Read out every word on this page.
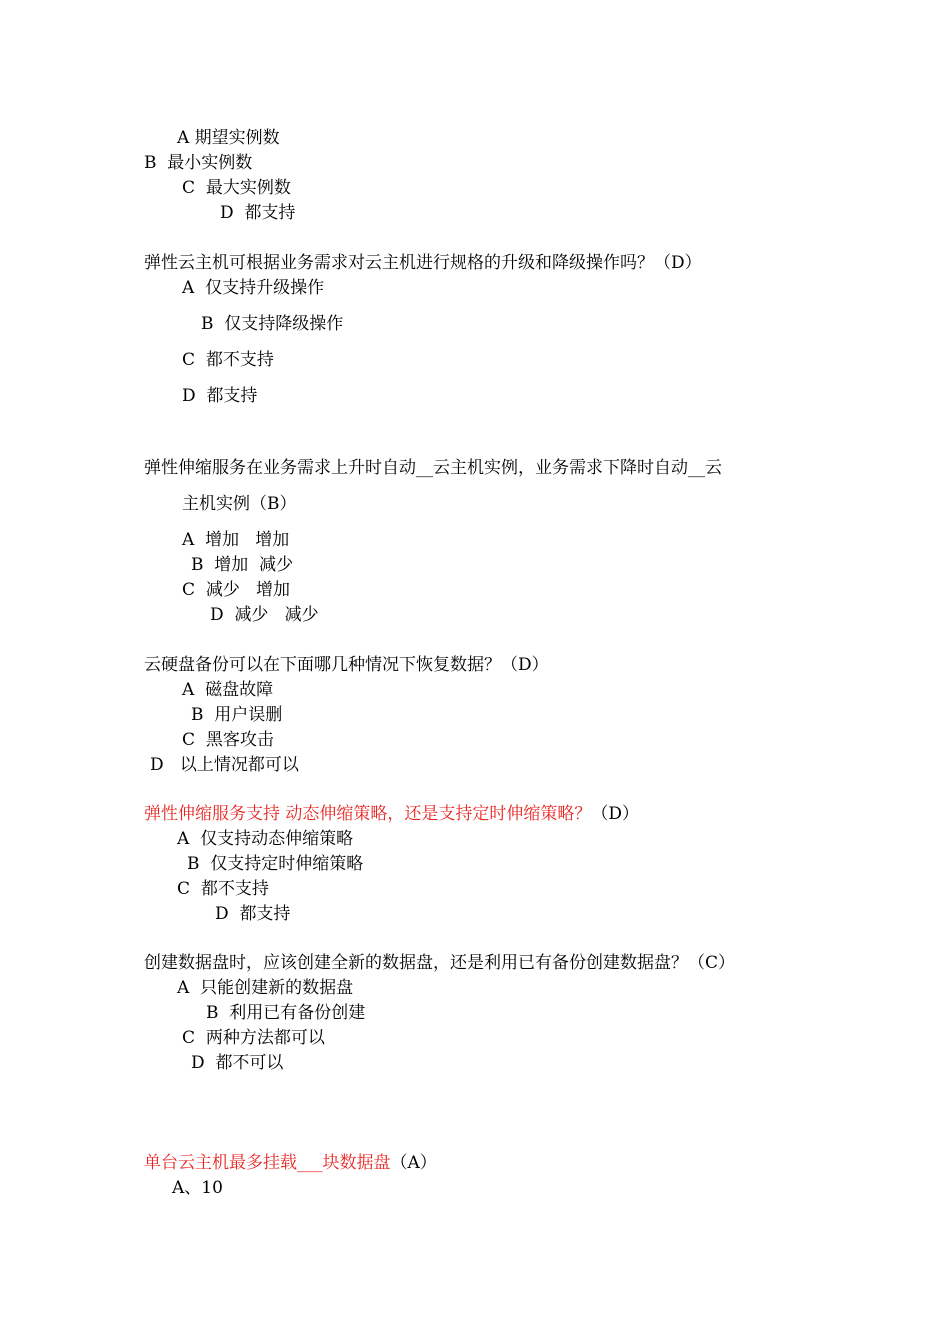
A 期望实例数
B  最小实例数
C  最大实例数
D  都支持
弹性云主机可根据业务需求对云主机进行规格的升级和降级操作吗？（D）
A  仅支持升级操作
B  仅支持降级操作
C  都不支持
D  都支持
弹性伸缩服务在业务需求上升时自动__云主机实例，业务需求下降时自动__云
主机实例（B）
A  增加   增加
B  增加  减少
C  减少   增加
D  减少   减少
云硬盘备份可以在下面哪几种情况下恢复数据？（D）
A  磁盘故障
B  用户误删
C  黑客攻击
D   以上情况都可以
弹性伸缩服务支持 动态伸缩策略，还是支持定时伸缩策略？（D）
A  仅支持动态伸缩策略
B  仅支持定时伸缩策略
C  都不支持
D  都支持
创建数据盘时，应该创建全新的数据盘，还是利用已有备份创建数据盘？（C）
A  只能创建新的数据盘
B  利用已有备份创建
C  两种方法都可以
D  都不可以
单台云主机最多挂载___块数据盘（A）
A、10
